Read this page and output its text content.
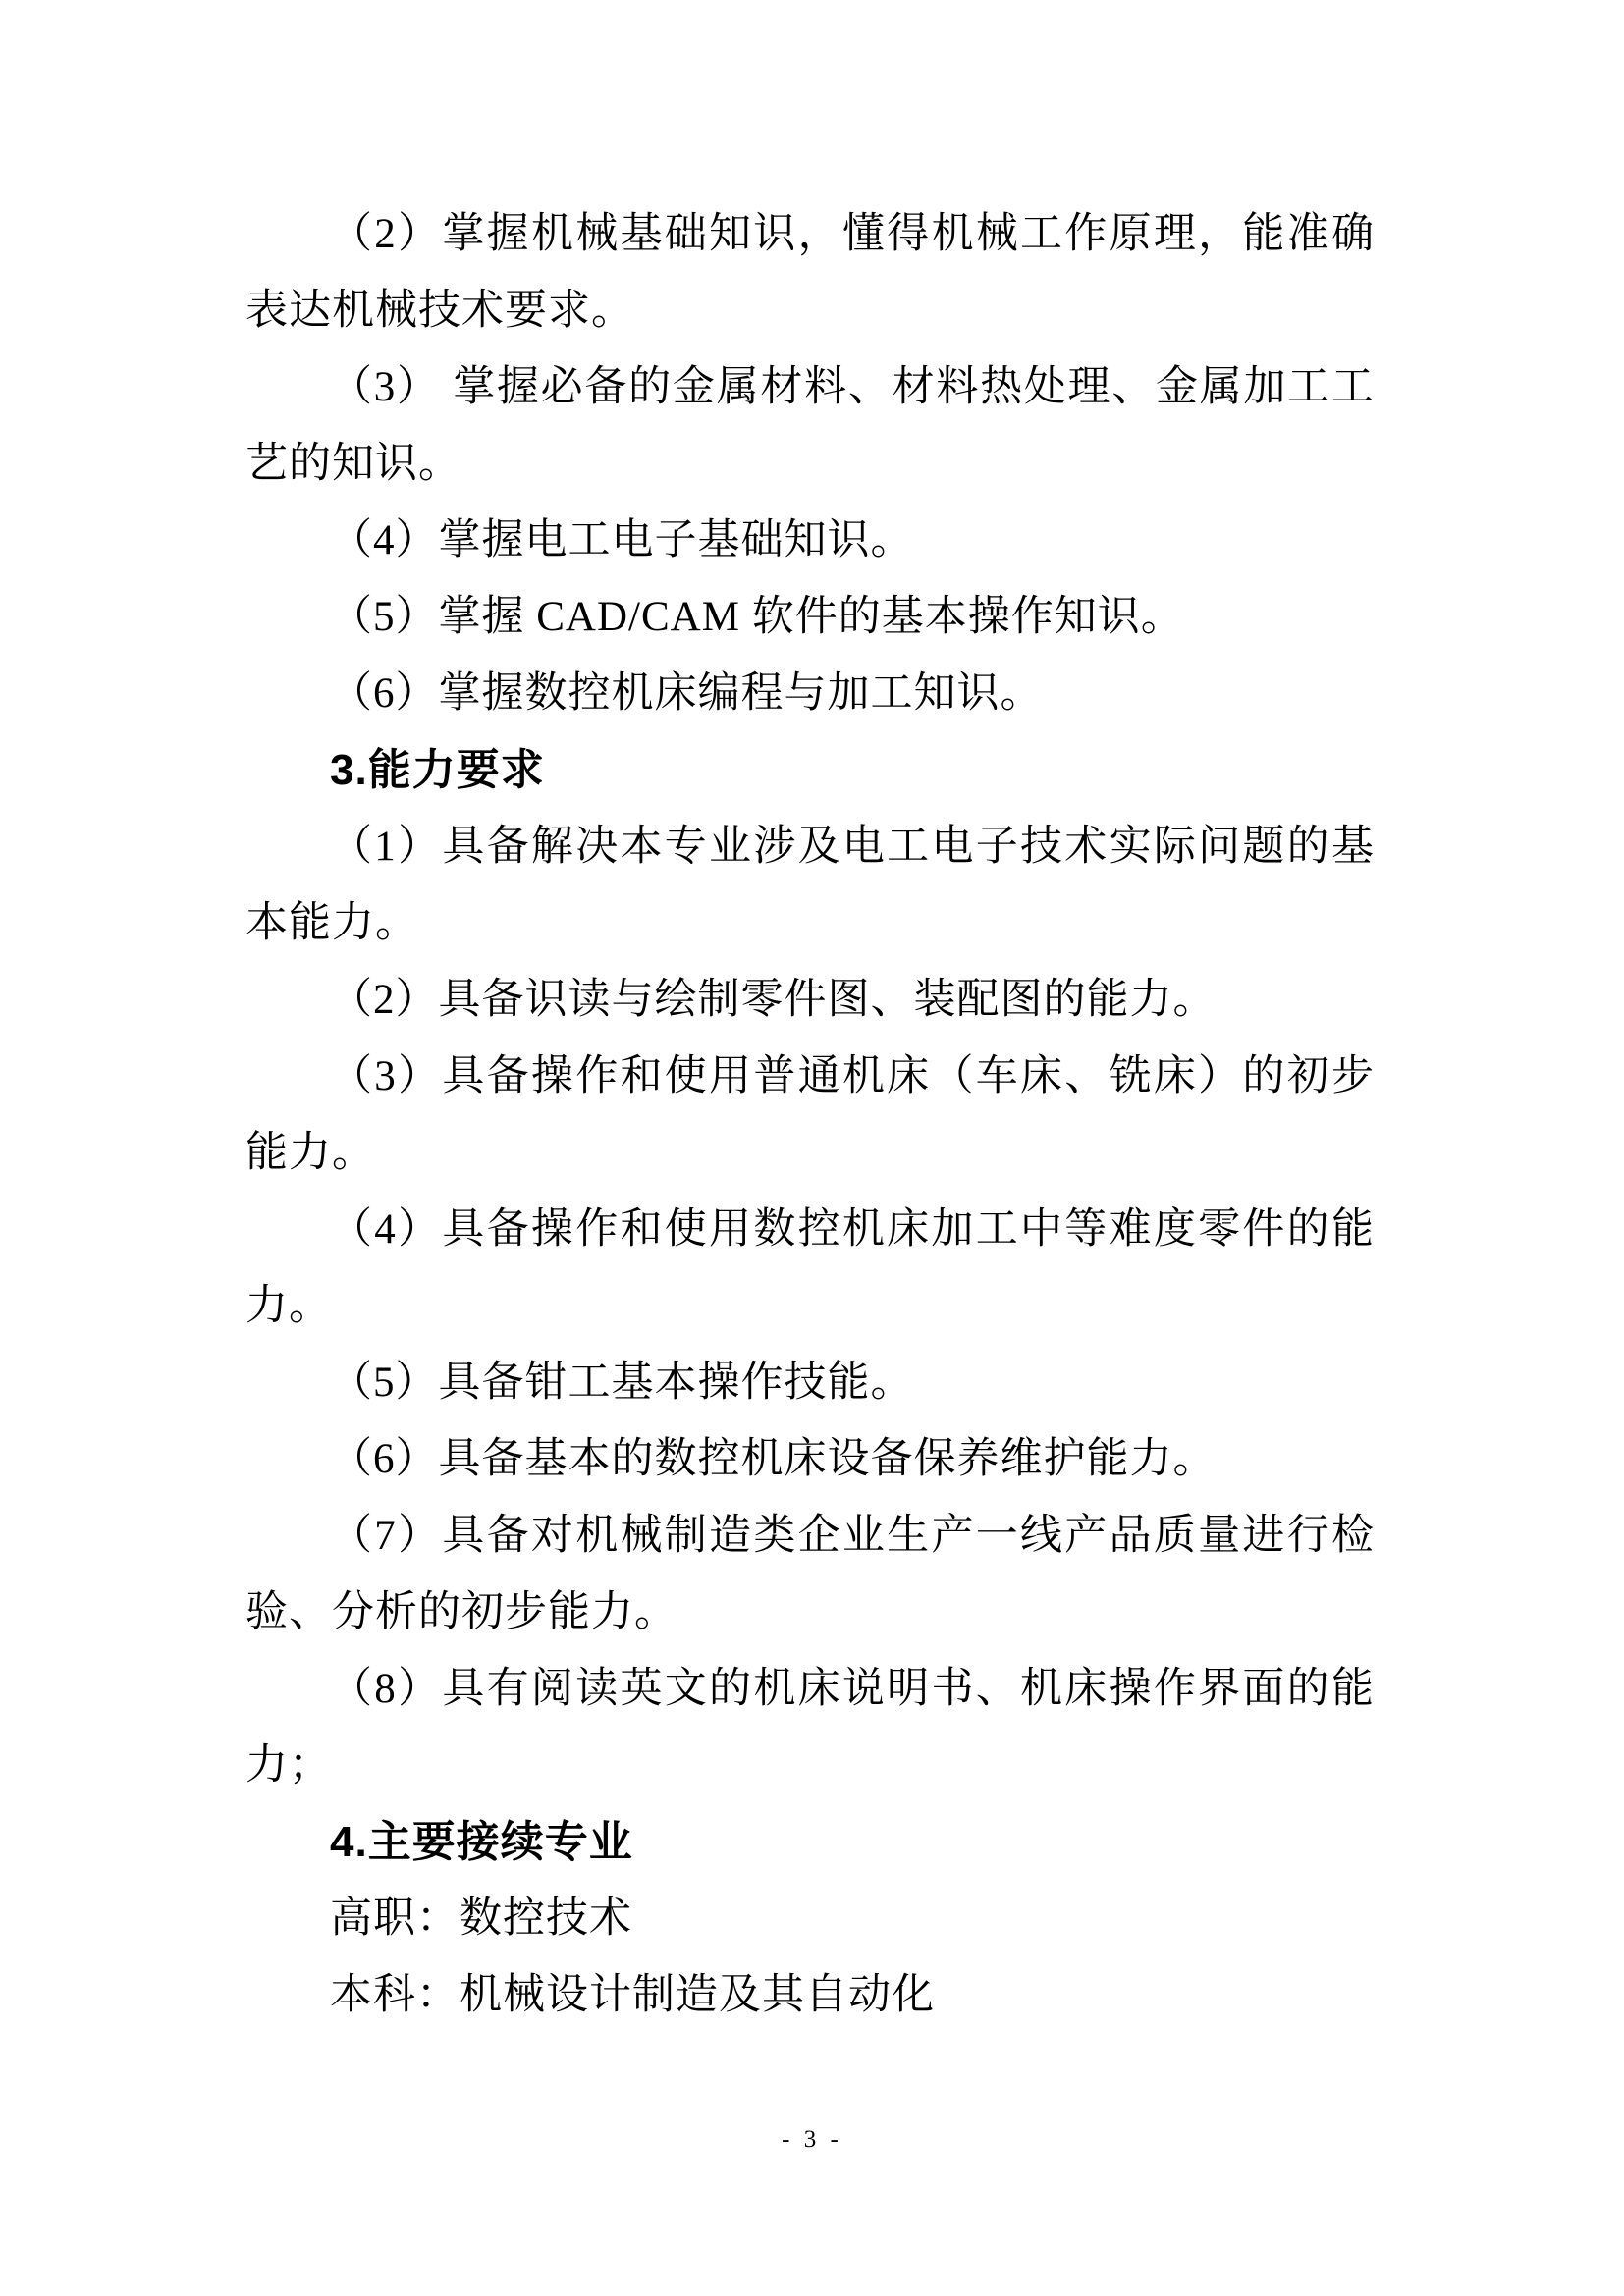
（2）掌握机械基础知识，懂得机械工作原理，能准确
表达机械技术要求。
（3） 掌握必备的金属材料、材料热处理、金属加工工
艺的知识。
（4）掌握电工电子基础知识。
（5）掌握 CAD/CAM 软件的基本操作知识。
（6）掌握数控机床编程与加工知识。
3.能力要求
（1）具备解决本专业涉及电工电子技术实际问题的基
本能力。
（2）具备识读与绘制零件图、装配图的能力。
（3）具备操作和使用普通机床（车床、铣床）的初步
能力。
（4）具备操作和使用数控机床加工中等难度零件的能
力。
（5）具备钳工基本操作技能。
（6）具备基本的数控机床设备保养维护能力。
（7）具备对机械制造类企业生产一线产品质量进行检
验、分析的初步能力。
（8）具有阅读英文的机床说明书、机床操作界面的能
力；
4.主要接续专业
高职：数控技术
本科：机械设计制造及其自动化
- 3 -
